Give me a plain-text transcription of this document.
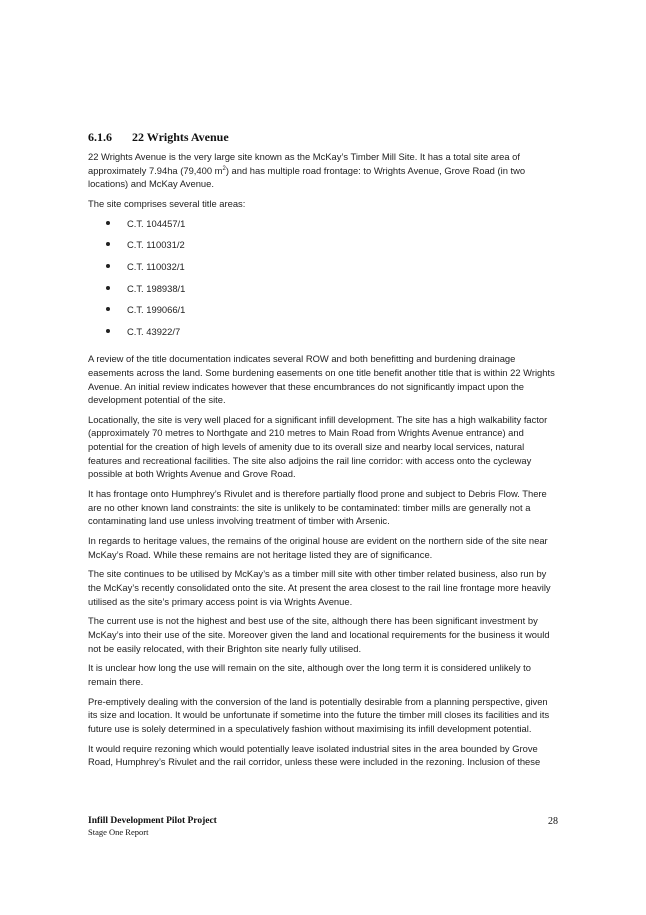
6.1.6 22 Wrights Avenue

22 Wrights Avenue is the very large site known as the McKay’s Timber Mill Site. It has a total site area of approximately 7.94ha (79,400 $m^2$) and has multiple road frontage: to Wrights Avenue, Grove Road (in two locations) and McKay Avenue.

The site comprises several title areas:

C.T. 104457/1
C.T. 110031/2
C.T. 110032/1
C.T. 198938/1
C.T. 199066/1
C.T. 43922/7

A review of the title documentation indicates several ROW and both benefitting and burdening drainage easements across the land. Some burdening easements on one title benefit another title that is within 22 Wrights Avenue. An initial review indicates however that these encumbrances do not significantly impact upon the development potential of the site.

Locationally, the site is very well placed for a significant infill development. The site has a high walkability factor (approximately 70 metres to Northgate and 210 metres to Main Road from Wrights Avenue entrance) and potential for the creation of high levels of amenity due to its overall size and nearby local services, natural features and recreational facilities. The site also adjoins the rail line corridor: with access onto the cycleway possible at both Wrights Avenue and Grove Road.

It has frontage onto Humphrey’s Rivulet and is therefore partially flood prone and subject to Debris Flow. There are no other known land constraints: the site is unlikely to be contaminated: timber mills are generally not a contaminating land use unless involving treatment of timber with Arsenic.

In regards to heritage values, the remains of the original house are evident on the northern side of the site near McKay’s Road. While these remains are not heritage listed they are of significance.

The site continues to be utilised by McKay’s as a timber mill site with other timber related business, also run by the McKay’s recently consolidated onto the site. At present the area closest to the rail line frontage more heavily utilised as the site’s primary access point is via Wrights Avenue.

The current use is not the highest and best use of the site, although there has been significant investment by McKay’s into their use of the site. Moreover given the land and locational requirements for the business it would not be easily relocated, with their Brighton site nearly fully utilised.

It is unclear how long the use will remain on the site, although over the long term it is considered unlikely to remain there.

Pre-emptively dealing with the conversion of the land is potentially desirable from a planning perspective, given its size and location. It would be unfortunate if sometime into the future the timber mill closes its facilities and its future use is solely determined in a speculatively fashion without maximising its infill development potential.

It would require rezoning which would potentially leave isolated industrial sites in the area bounded by Grove Road, Humphrey’s Rivulet and the rail corridor, unless these were included in the rezoning. Inclusion of these

Infill Development Pilot Project
Stage One Report
28
